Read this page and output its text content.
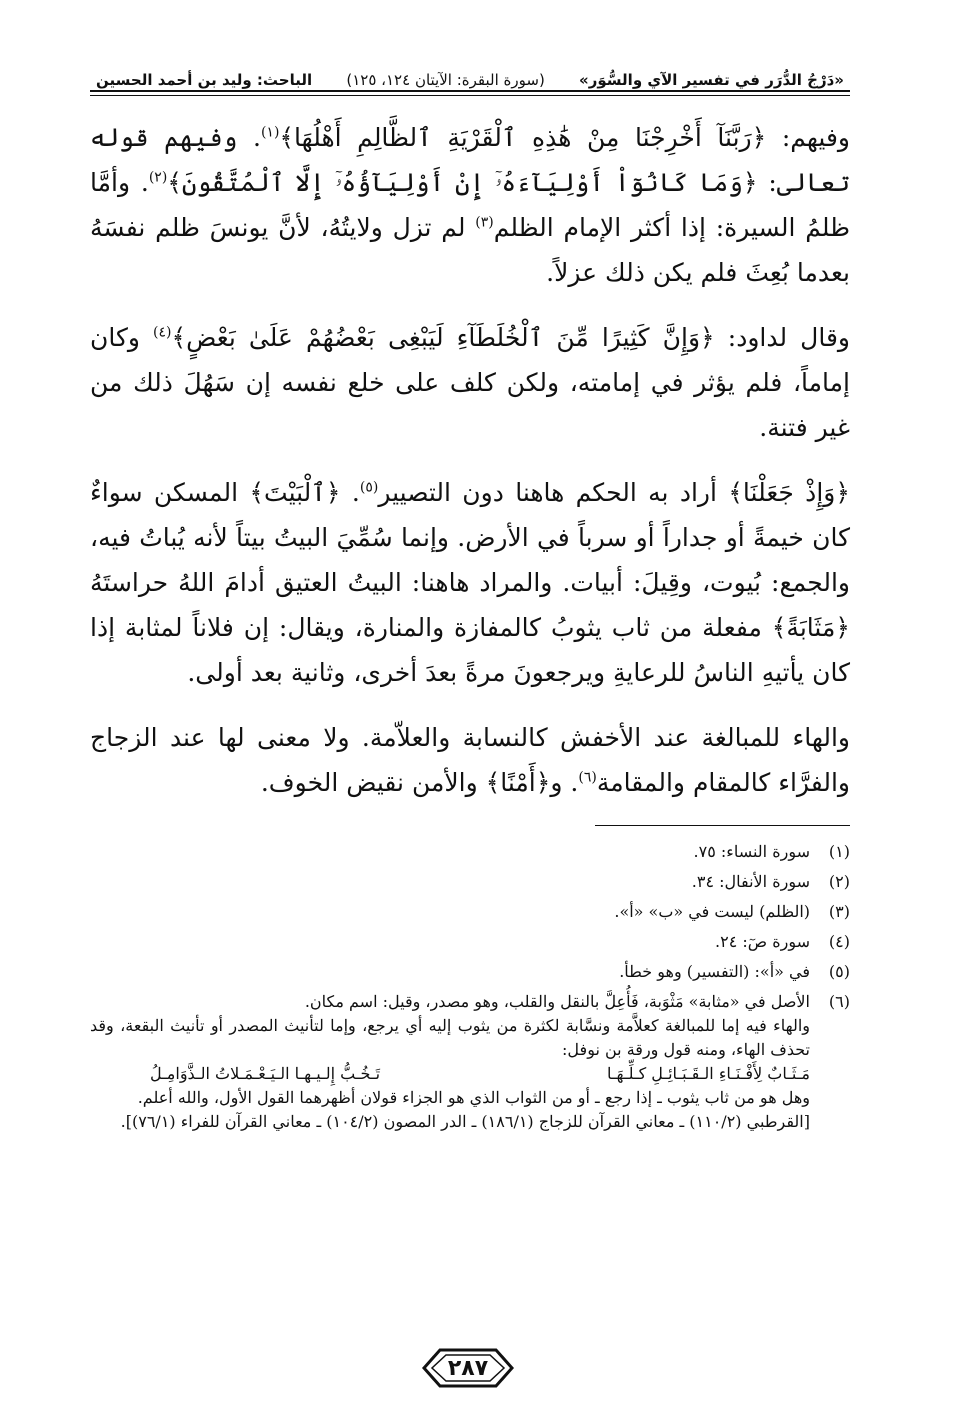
«دَرْجُ الدُّرَر في تفسير الآي والسُّوَر»
(سورة البقرة: الآيتان ١٢٤، ١٢٥)
الباحث: وليد بن أحمد الحسين

وفيهم: ﴿رَبَّنَآ أَخْرِجْنَا مِنْ هَٰذِهِ ٱلْقَرْيَةِ ٱلظَّالِمِ أَهْلُهَا﴾$^{(١)}$. وفيهم قوله تعالى: ﴿وَمَا كَانُوٓاْ أَوْلِيَآءَهُۥٓ إِنْ أَوْلِيَآؤُهُۥٓ إِلَّا ٱلْمُتَّقُونَ﴾$^{(٢)}$. وأمَّا ظلمُ السيرة: إذا أكثر الإمام الظلم$^{(٣)}$ لم تزل ولايتُهُ، لأنَّ يونسَ ظلم نفسَهُ بعدما بُعِثَ فلم يكن ذلك عزلاً.

وقال لداود: ﴿وَإِنَّ كَثِيرًا مِّنَ ٱلْخُلَطَآءِ لَيَبْغِى بَعْضُهُمْ عَلَىٰ بَعْضٍ﴾$^{(٤)}$ وكان إماماً، فلم يؤثر في إمامته، ولكن كلف على خلع نفسه إن سَهُلَ ذلك من غير فتنة.

﴿وَإِذْ جَعَلْنَا﴾ أراد به الحكم هاهنا دون التصيير$^{(٥)}$. ﴿ٱلْبَيْتَ﴾ المسكن سواءٌ كان خيمةً أو جداراً أو سرباً في الأرض. وإنما سُمِّيَ البيتُ بيتاً لأنه يُباتُ فيه، والجمع: بُيوت، وقِيلَ: أبيات. والمراد هاهنا: البيتُ العتيق أدامَ اللهُ حراستَهُ ﴿مَثَابَةً﴾ مفعلة من ثاب يثوبُ كالمفازة والمنارة، ويقال: إن فلاناً لمثابة إذا كان يأتيهِ الناسُ للرعايةِ ويرجعونَ مرةً بعدَ أخرى، وثانية بعد أولى.

والهاء للمبالغة عند الأخفش كالنسابة والعلاّمة. ولا معنى لها عند الزجاج والفرَّاء كالمقام والمقامة$^{(٦)}$. و﴿أَمْنًا﴾ والأمن نقيض الخوف.

(١)
سورة النساء: ٧٥.
(٢)
سورة الأنفال: ٣٤.
(٣)
(الظلم) ليست في «ب» «أ».
(٤)
سورة صٓ: ٢٤.
(٥)
في «أ»: (التفسير) وهو خطأ.
(٦)
الأصل في «مثابة» مَثْوَبة، فَأُعِلَّ بالنقل والقلب، وهو مصدر، وقيل: اسم مكان.
والهاء فيه إما للمبالغة كعلاَّمة ونسَّابة لكثرة من يثوب إليه أي يرجع، وإما لتأنيث المصدر أو تأنيث البقعة، وقد تحذف الهاء، ومنه قول ورقة بن نوفل:
مَـثَـابٌ لِأَفْـنَـاءِ الـقَـبَـائِـلِ كـلِّـهَـا
تَـخُـبُّ إِلـيـهـا الـيَـعْـمَـلاتُ الـذَّوَامِـلُ
وهل هو من ثاب يثوب ـ إذا رجع ـ أو من الثواب الذي هو الجزاء قولان أظهرهما القول الأول، والله أعلم.
[القرطبي (١١٠/٢) ـ معاني القرآن للزجاج (١٨٦/١) ـ الدر المصون (١٠٤/٢) ـ معاني القرآن للفراء (٧٦/١)].
٢٨٧
